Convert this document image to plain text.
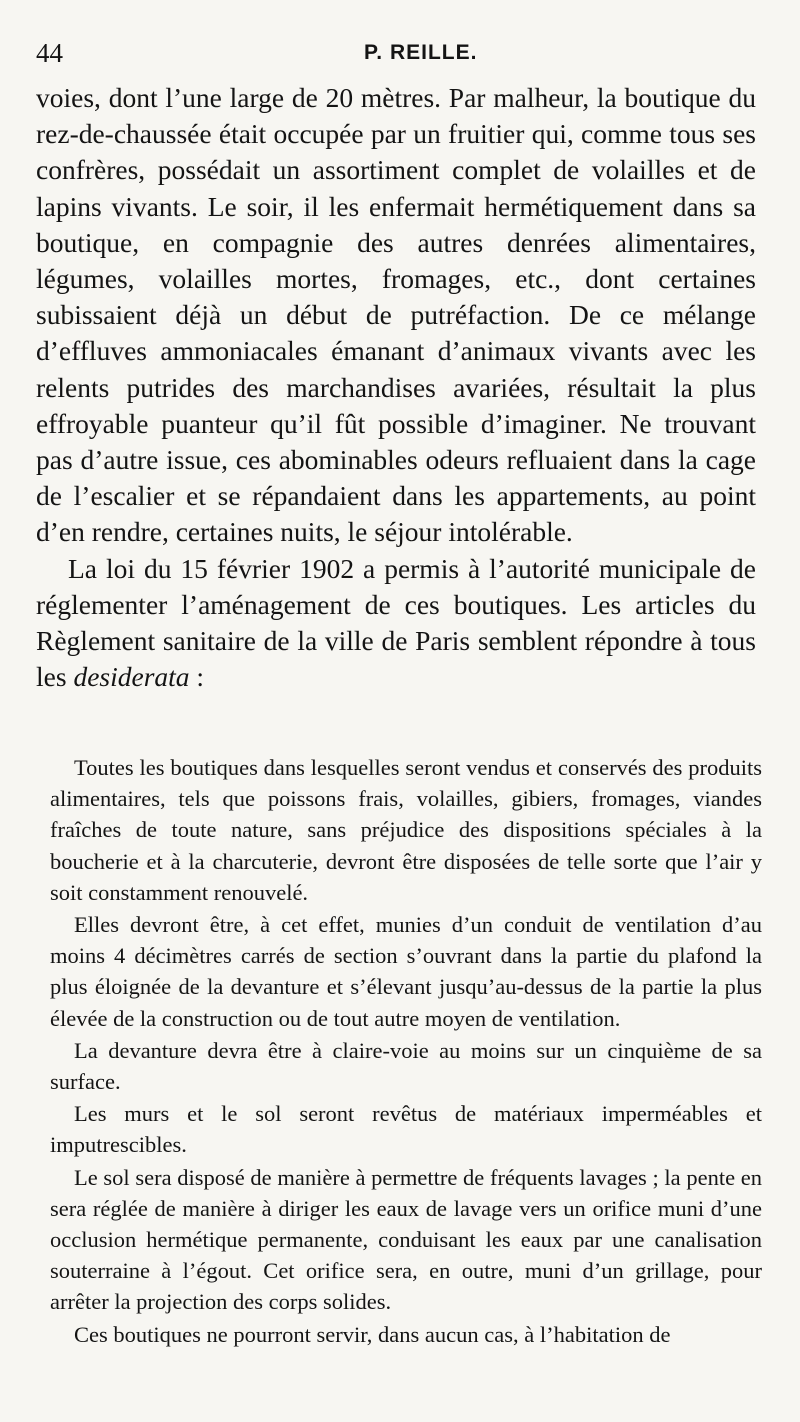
44	P. REILLE.

voies, dont l’une large de 20 mètres. Par malheur, la boutique du rez-de-chaussée était occupée par un fruitier qui, comme tous ses confrères, possédait un assortiment complet de volailles et de lapins vivants. Le soir, il les enfermait hermétiquement dans sa boutique, en compagnie des autres denrées alimentaires, légumes, volailles mortes, fromages, etc., dont certaines subissaient déjà un début de putréfaction. De ce mélange d’effluves ammoniacales émanant d’animaux vivants avec les relents putrides des marchandises avariées, résultait la plus effroyable puanteur qu’il fût possible d’imaginer. Ne trouvant pas d’autre issue, ces abominables odeurs refluaient dans la cage de l’escalier et se répandaient dans les appartements, au point d’en rendre, certaines nuits, le séjour intolérable.

La loi du 15 février 1902 a permis à l’autorité municipale de réglementer l’aménagement de ces boutiques. Les articles du Règlement sanitaire de la ville de Paris semblent répondre à tous les desiderata :

Toutes les boutiques dans lesquelles seront vendus et conservés des produits alimentaires, tels que poissons frais, volailles, gibiers, fromages, viandes fraîches de toute nature, sans préjudice des dispositions spéciales à la boucherie et à la charcuterie, devront être disposées de telle sorte que l’air y soit constamment renouvelé.

Elles devront être, à cet effet, munies d’un conduit de ventilation d’au moins 4 décimètres carrés de section s’ouvrant dans la partie du plafond la plus éloignée de la devanture et s’élevant jusqu’au-dessus de la partie la plus élevée de la construction ou de tout autre moyen de ventilation.

La devanture devra être à claire-voie au moins sur un cinquième de sa surface.

Les murs et le sol seront revêtus de matériaux imperméables et imputrescibles.

Le sol sera disposé de manière à permettre de fréquents lavages ; la pente en sera réglée de manière à diriger les eaux de lavage vers un orifice muni d’une occlusion hermétique permanente, conduisant les eaux par une canalisation souterraine à l’égout. Cet orifice sera, en outre, muni d’un grillage, pour arrêter la projection des corps solides.

Ces boutiques ne pourront servir, dans aucun cas, à l’habitation de
